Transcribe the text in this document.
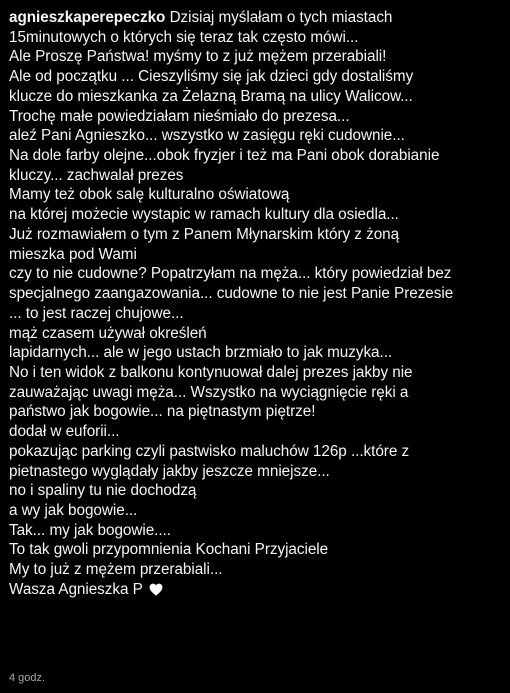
agnieszkaperepeczko Dzisiaj myślałam o tych miastach
15minutowych o których się teraz tak często mówi...
Ale Proszę Państwa! myśmy to z już mężem przerabiali!
Ale od początku ... Cieszyliśmy się jak dzieci gdy dostaliśmy
klucze do mieszkanka za Żelazną Bramą na ulicy Walicow...
Trochę małe powiedziałam nieśmiało do prezesa...
aleź Pani Agnieszko... wszystko w zasięgu ręki cudownie...
Na dole farby olejne...obok fryzjer i też ma Pani obok dorabianie
kluczy... zachwalał prezes
Mamy też obok salę kulturalno oświatową
na której możecie wystapic w ramach kultury dla osiedla...
Już rozmawiałem o tym z Panem Młynarskim który z żoną
mieszka pod Wami
czy to nie cudowne? Popatrzyłam na męża... który powiedział bez
specjalnego zaangazowania... cudowne to nie jest Panie Prezesie
... to jest raczej chujowe...
mąż czasem używał określeń
lapidarnych... ale w jego ustach brzmiało to jak muzyka...
No i ten widok z balkonu kontynuował dalej prezes jakby nie
zauważając uwagi męża... Wszystko na wyciągnięcie ręki a
państwo jak bogowie... na piętnastym piętrze!
dodał w euforii...
pokazując parking czyli pastwisko maluchów 126p ...które z
pietnastego wyglądały jakby jeszcze mniejsze...
no i spaliny tu nie dochodzą
a wy jak bogowie...
Tak... my jak bogowie....
To tak gwoli przypomnienia Kochani Przyjaciele
My to już z mężem przerabiali...
Wasza Agnieszka P
4 godz.
